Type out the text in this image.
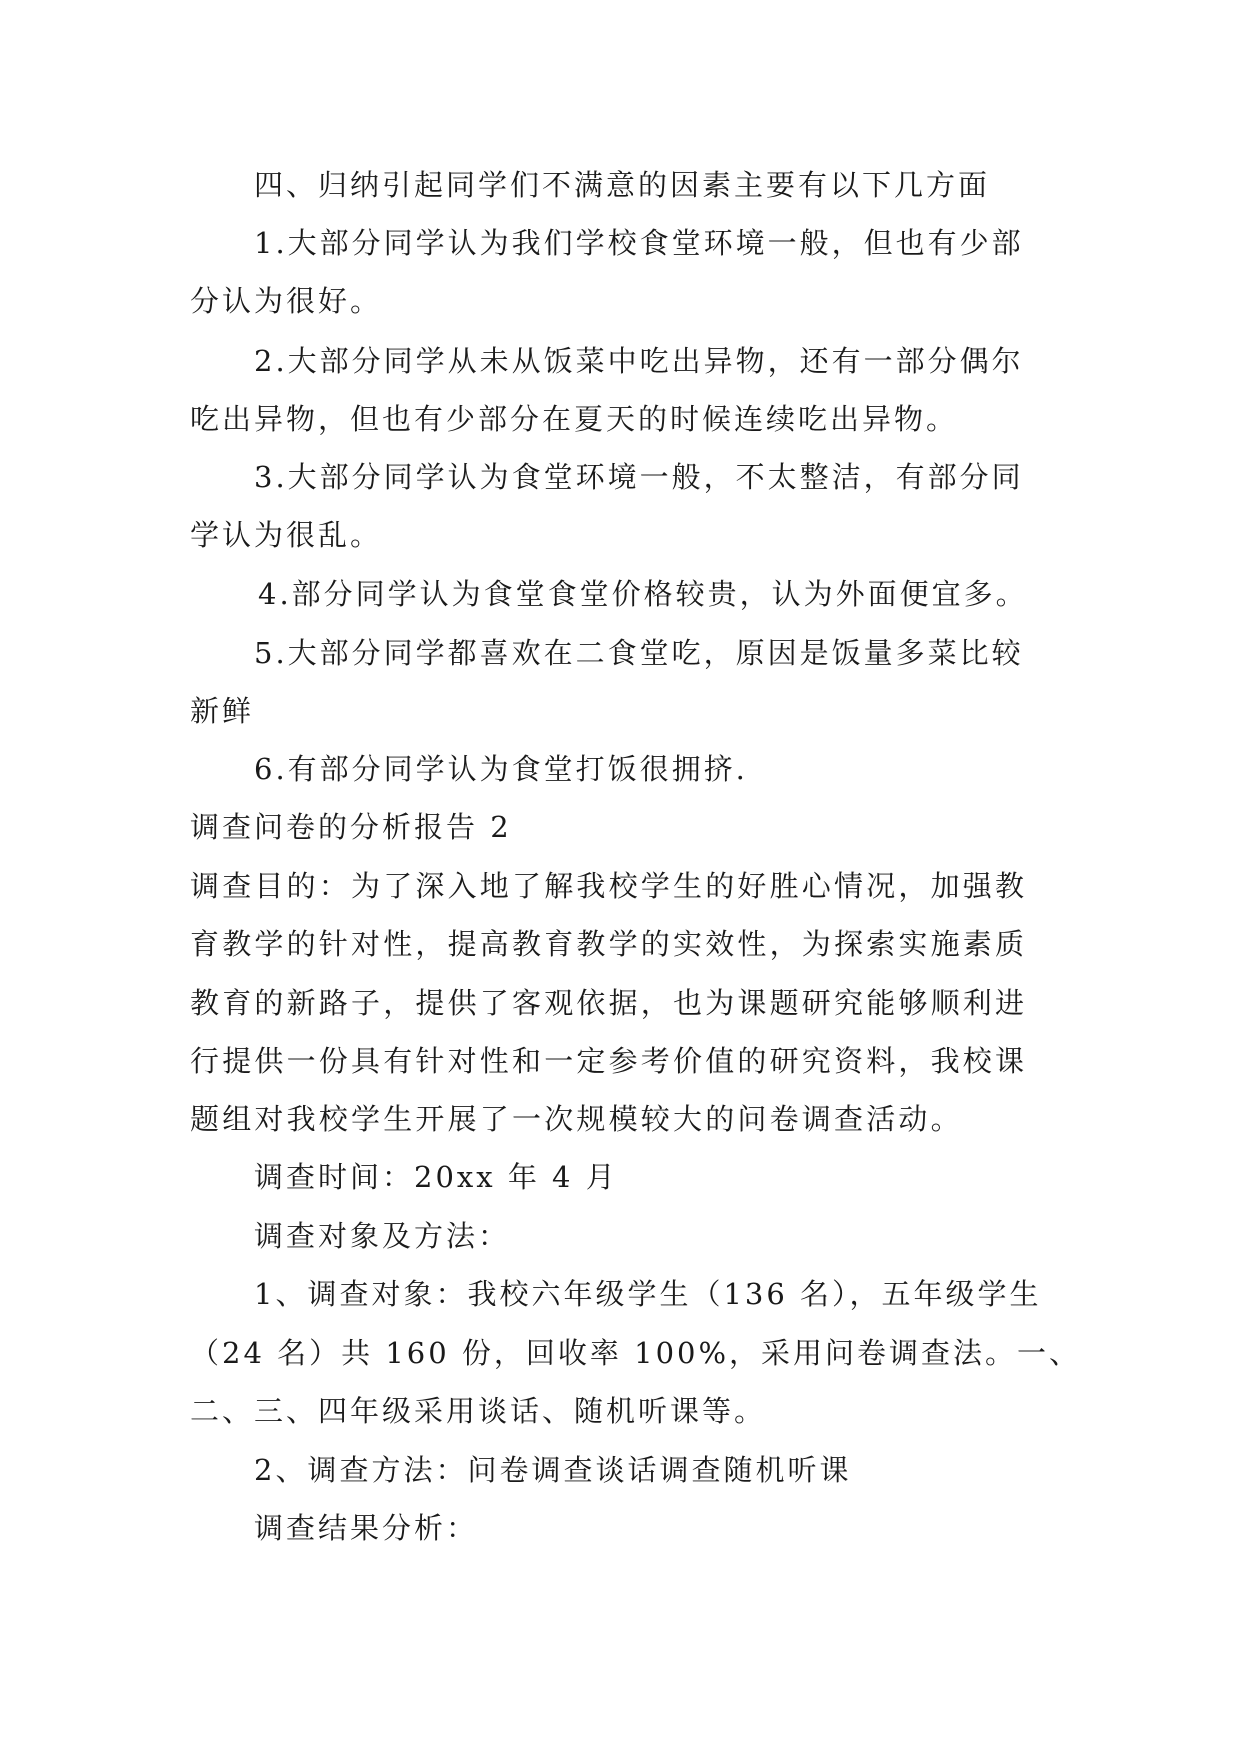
四、归纳引起同学们不满意的因素主要有以下几方面
1.大部分同学认为我们学校食堂环境一般，但也有少部
分认为很好。
2.大部分同学从未从饭菜中吃出异物，还有一部分偶尔
吃出异物，但也有少部分在夏天的时候连续吃出异物。
3.大部分同学认为食堂环境一般，不太整洁，有部分同
学认为很乱。
4.部分同学认为食堂食堂价格较贵，认为外面便宜多。
5.大部分同学都喜欢在二食堂吃，原因是饭量多菜比较
新鲜
6.有部分同学认为食堂打饭很拥挤.
调查问卷的分析报告 2
调查目的：为了深入地了解我校学生的好胜心情况，加强教
育教学的针对性，提高教育教学的实效性，为探索实施素质
教育的新路子，提供了客观依据，也为课题研究能够顺利进
行提供一份具有针对性和一定参考价值的研究资料，我校课
题组对我校学生开展了一次规模较大的问卷调查活动。
调查时间：20xx 年 4 月
调查对象及方法：
1、调查对象：我校六年级学生（136 名），五年级学生
（24 名）共 160 份，回收率 100%，采用问卷调查法。一、
二、三、四年级采用谈话、随机听课等。
2、调查方法：问卷调查谈话调查随机听课
调查结果分析：
